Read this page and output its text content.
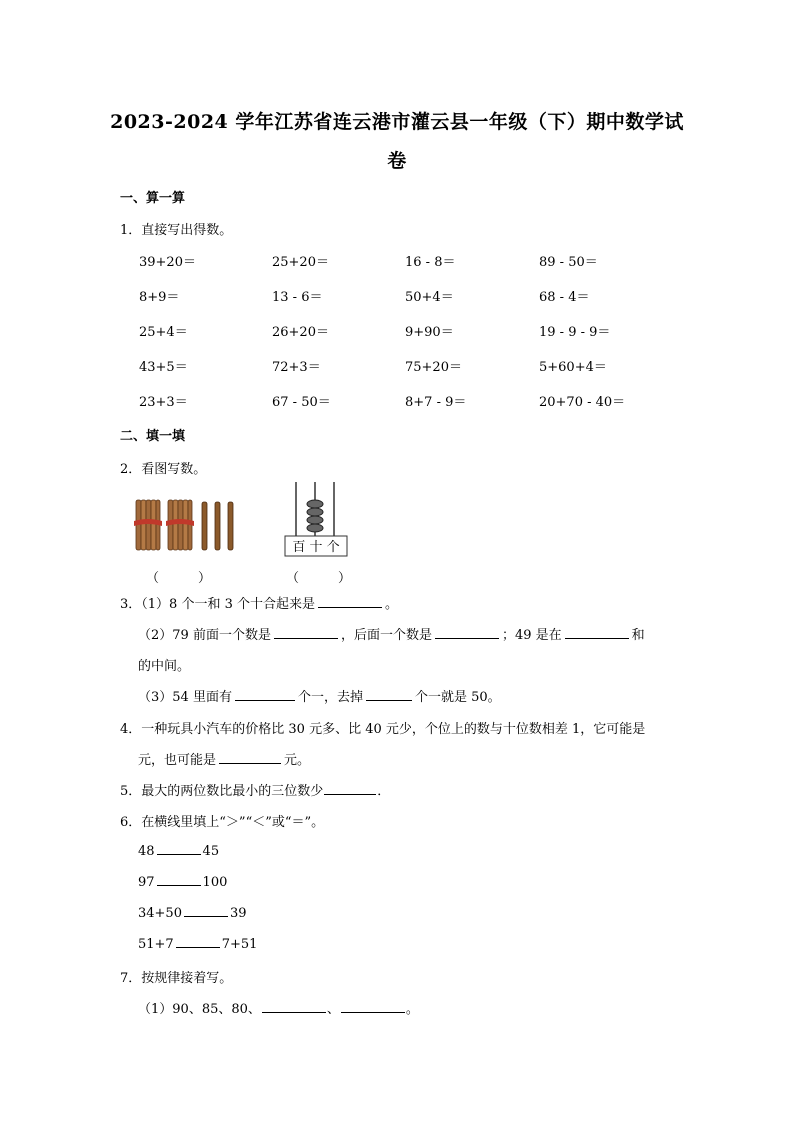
2023-2024 学年江苏省连云港市灌云县一年级（下）期中数学试
卷
一、算一算
1．直接写出得数。
39+20＝	25+20＝	16 - 8＝	89 - 50＝
8+9＝	13 - 6＝	50+4＝	68 - 4＝
25+4＝	26+20＝	9+90＝	19 - 9 - 9＝
43+5＝	72+3＝	75+20＝	5+60+4＝
23+3＝	67 - 50＝	8+7 - 9＝	20+70 - 40＝
二、填一填
2．看图写数。
百 十 个
（　　　）	（　　　）
3．（1）8 个一和 3 个十合起来是	。
（2）79 前面一个数是	，后面一个数是	；49 是在	和
的中间。
（3）54 里面有	个一，去掉	个一就是 50。
4．一种玩具小汽车的价格比 30 元多、比 40 元少，个位上的数与十位数相差 1，它可能是
元，也可能是	元。
5．最大的两位数比最小的三位数少	．
6．在横线里填上“＞”“＜”或“＝”。
48	45
97	100
34+50	39
51+7	7+51
7．按规律接着写。
（1）90、85、80、	、	。
